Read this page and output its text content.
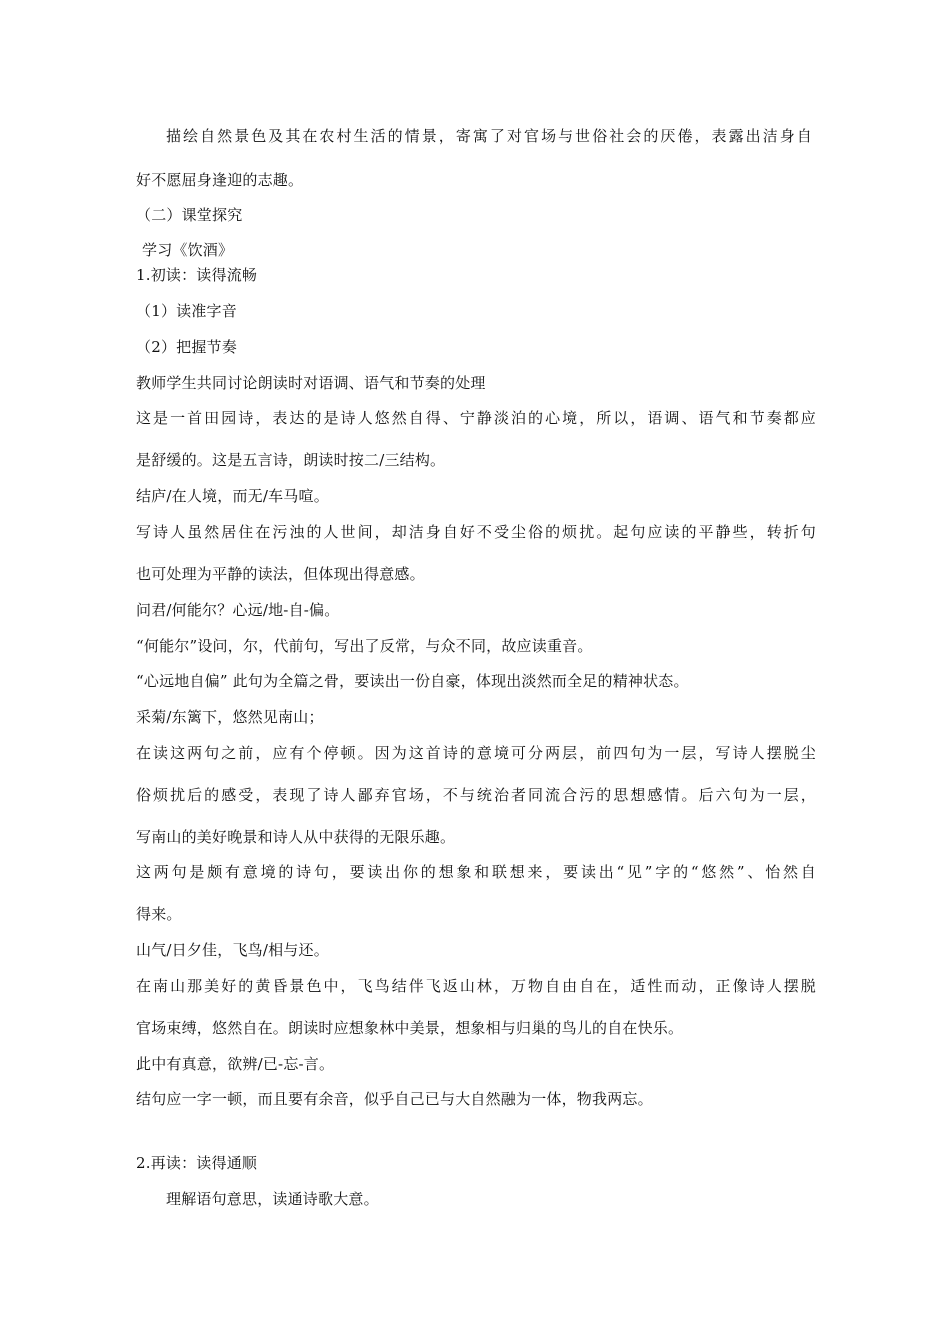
描绘自然景色及其在农村生活的情景，寄寓了对官场与世俗社会的厌倦，表露出洁身自
好不愿屈身逢迎的志趣。
（二）课堂探究
学习《饮酒》
1.初读：读得流畅
（1）读准字音
（2）把握节奏
教师学生共同讨论朗读时对语调、语气和节奏的处理
这是一首田园诗，表达的是诗人悠然自得、宁静淡泊的心境，所以，语调、语气和节奏都应
是舒缓的。这是五言诗，朗读时按二/三结构。
结庐/在人境，而无/车马喧。
写诗人虽然居住在污浊的人世间，却洁身自好不受尘俗的烦扰。起句应读的平静些，转折句
也可处理为平静的读法，但体现出得意感。
问君/何能尔？心远/地-自-偏。
“何能尔”设问，尔，代前句，写出了反常，与众不同，故应读重音。
“心远地自偏” 此句为全篇之骨，要读出一份自豪，体现出淡然而全足的精神状态。
采菊/东篱下，悠然见南山；
在读这两句之前，应有个停顿。因为这首诗的意境可分两层，前四句为一层，写诗人摆脱尘
俗烦扰后的感受，表现了诗人鄙弃官场，不与统治者同流合污的思想感情。后六句为一层，
写南山的美好晚景和诗人从中获得的无限乐趣。
这两句是颇有意境的诗句，要读出你的想象和联想来，要读出“见”字的“悠然”、怡然自
得来。
山气/日夕佳，飞鸟/相与还。
在南山那美好的黄昏景色中，飞鸟结伴飞返山林，万物自由自在，适性而动，正像诗人摆脱
官场束缚，悠然自在。朗读时应想象林中美景，想象相与归巢的鸟儿的自在快乐。
此中有真意，欲辨/已-忘-言。
结句应一字一顿，而且要有余音，似乎自己已与大自然融为一体，物我两忘。
2.再读：读得通顺
理解语句意思，读通诗歌大意。
